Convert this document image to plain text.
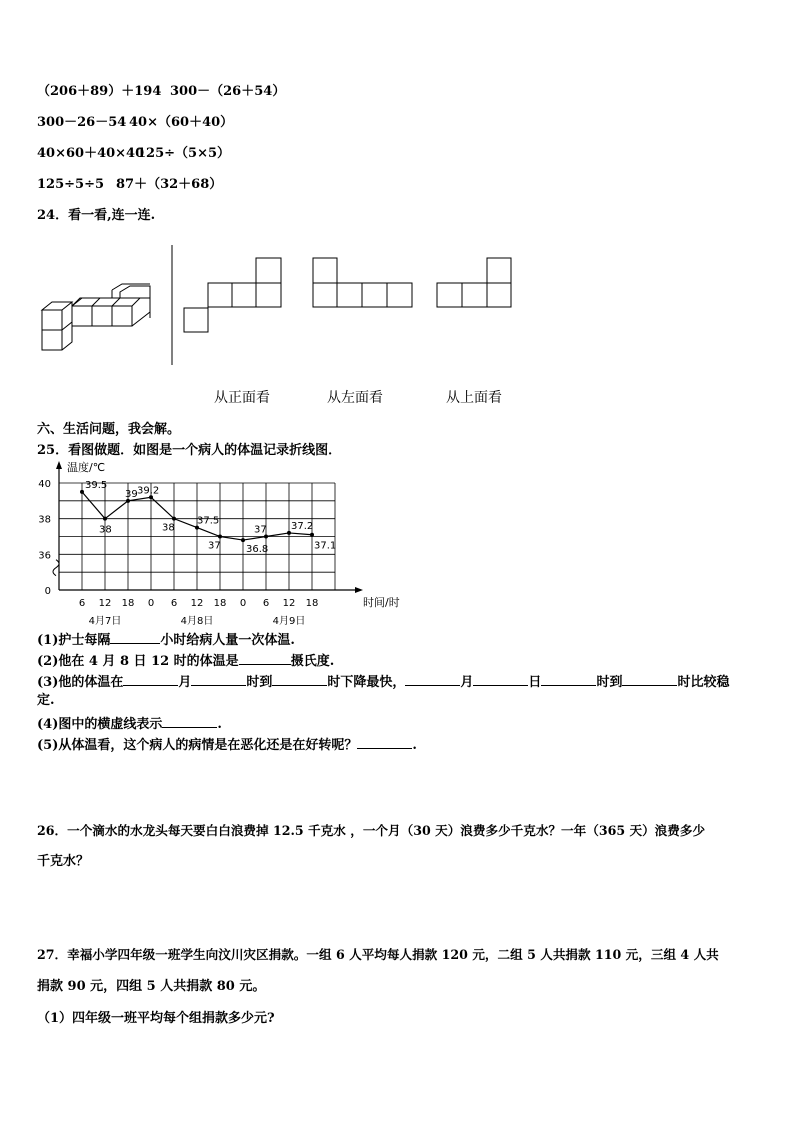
（206＋89）＋194 300－（26＋54）
300－26－54 40×（60＋40）
40×60＋40×40
125÷（5×5）
125÷5÷5 87＋（32＋68）
24．看一看,连一连.
从正面看	从左面看	从上面看
六、生活问题，我会解。
25．看图做题．如图是一个病人的体温记录折线图．
温度/℃
时间/时
0
36
38
40
6 12 18 0 6 12 18 0 6 12 18
4月7日	4月8日	4月9日
39.5
38
39 39.2
38
37.5
37	36.8
37 37.2
37.1
(1)护士每隔	小时给病人量一次体温.
(2)他在 4 月 8 日 12 时的体温是	摄氏度.
(3)他的体温在	月	时到	时下降最快，	月	日	时到	时比较稳
定.
(4)图中的横虚线表示	.
(5)从体温看，这个病人的病情是在恶化还是在好转呢？	.
26．一个滴水的水龙头每天要白白浪费掉 12.5 千克水 ，一个月（30 天）浪费多少千克水？一年（365 天）浪费多少
千克水？
27．幸福小学四年级一班学生向汶川灾区捐款。一组 6 人平均每人捐款 120 元，二组 5 人共捐款 110 元，三组 4 人共
捐款 90 元，四组 5 人共捐款 80 元。
（1）四年级一班平均每个组捐款多少元?
